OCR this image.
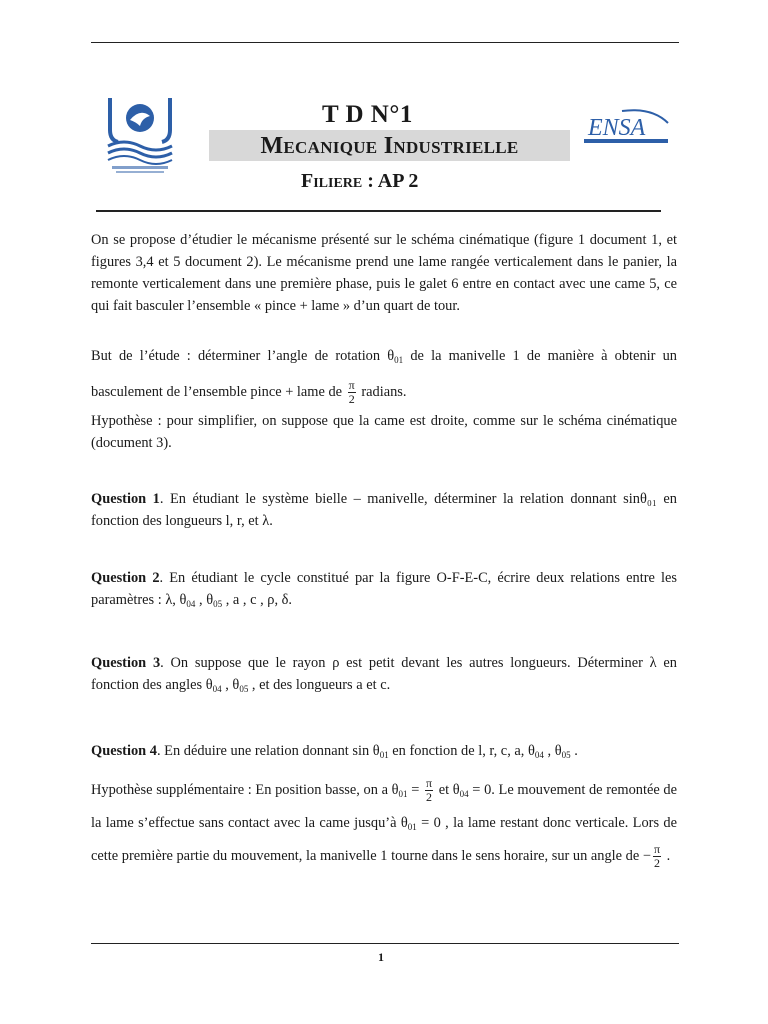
T D N°1
Mecanique Industrielle
Filiere : AP 2
ENSA
On se propose d’étudier le mécanisme présenté sur le schéma cinématique (figure 1 document 1, et figures 3,4 et 5 document 2). Le mécanisme prend une lame rangée verticalement dans le panier, la remonte verticalement dans une première phase, puis le galet 6 entre en contact avec une came 5, ce qui fait basculer l’ensemble « pince + lame » d’un quart de tour.
But de l’étude : déterminer l’angle de rotation $\theta_{01}$ de la manivelle 1 de manière à obtenir un basculement de l’ensemble pince + lame de $\frac{\pi}{2}$ radians.
Hypothèse : pour simplifier, on suppose que la came est droite, comme sur le schéma cinématique (document 3).
Question 1. En étudiant le système bielle – manivelle, déterminer la relation donnant sinθ₀₁ en fonction des longueurs l, r, et λ.
Question 2. En étudiant le cycle constitué par la figure O-F-E-C, écrire deux relations entre les paramètres : λ, $\theta_{04}$ , $\theta_{05}$ , a , c , ρ, δ.
Question 3. On suppose que le rayon ρ est petit devant les autres longueurs. Déterminer λ en fonction des angles $\theta_{04}$ , $\theta_{05}$ , et des longueurs a et c.
Question 4. En déduire une relation donnant $\sin \theta_{01}$ en fonction de l, r, c, a, $\theta_{04}$ , $\theta_{05}$ .
Hypothèse supplémentaire : En position basse, on a $\theta_{01} = \frac{\pi}{2}$ et $\theta_{04} = 0$. Le mouvement de remontée de la lame s’effectue sans contact avec la came jusqu’à $\theta_{01} = 0$ , la lame restant donc verticale. Lors de cette première partie du mouvement, la manivelle 1 tourne dans le sens horaire, sur un angle de − $\frac{\pi}{2}$ .
1
